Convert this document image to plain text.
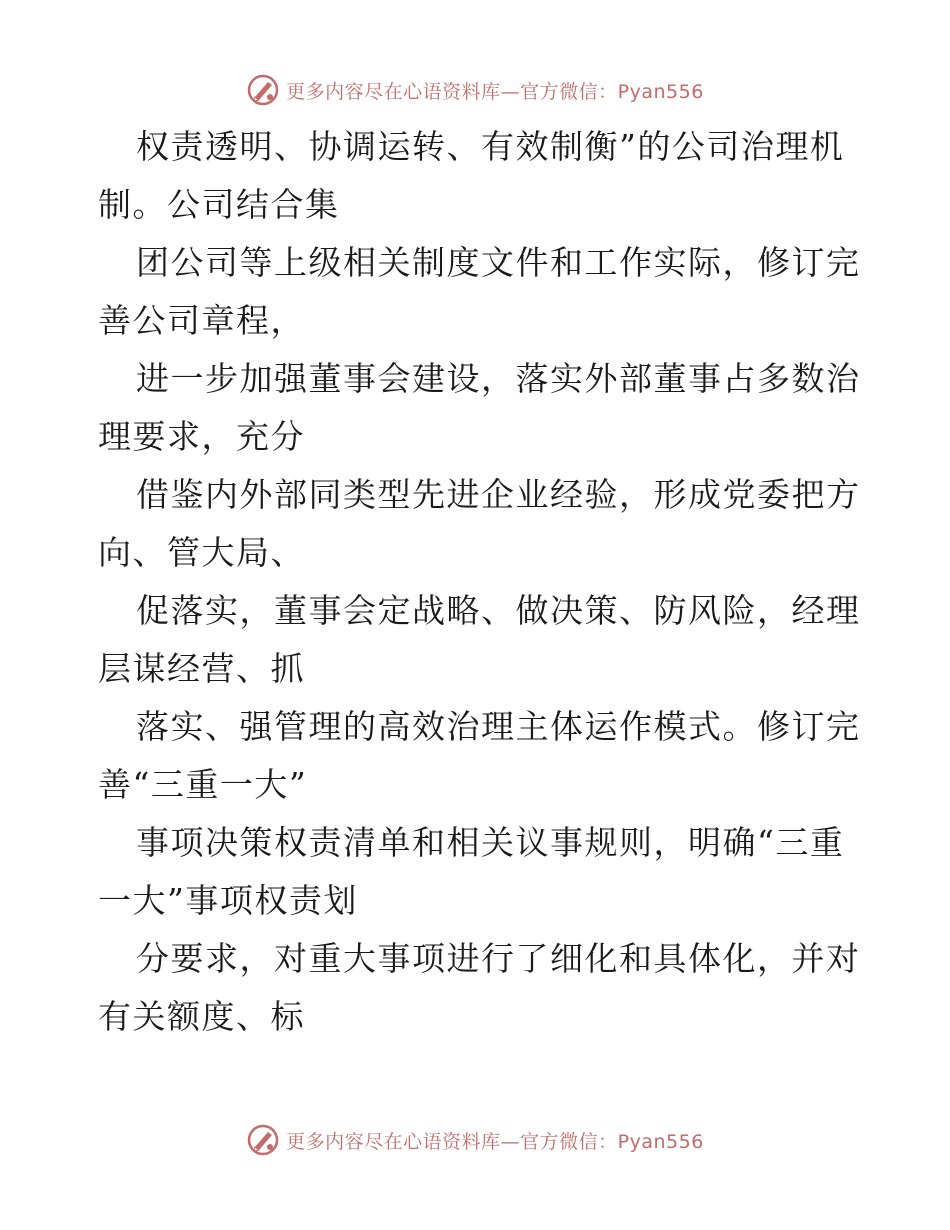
更多内容尽在心语资料库—官方微信：Pyan556

权责透明、协调运转、有效制衡”的公司治理机
制。公司结合集

团公司等上级相关制度文件和工作实际，修订完
善公司章程，

进一步加强董事会建设，落实外部董事占多数治
理要求，充分

借鉴内外部同类型先进企业经验，形成党委把方
向、管大局、

促落实，董事会定战略、做决策、防风险，经理
层谋经营、抓

落实、强管理的高效治理主体运作模式。修订完
善“三重一大”

事项决策权责清单和相关议事规则，明确“三重
一大”事项权责划

分要求，对重大事项进行了细化和具体化，并对
有关额度、标

更多内容尽在心语资料库—官方微信：Pyan556
